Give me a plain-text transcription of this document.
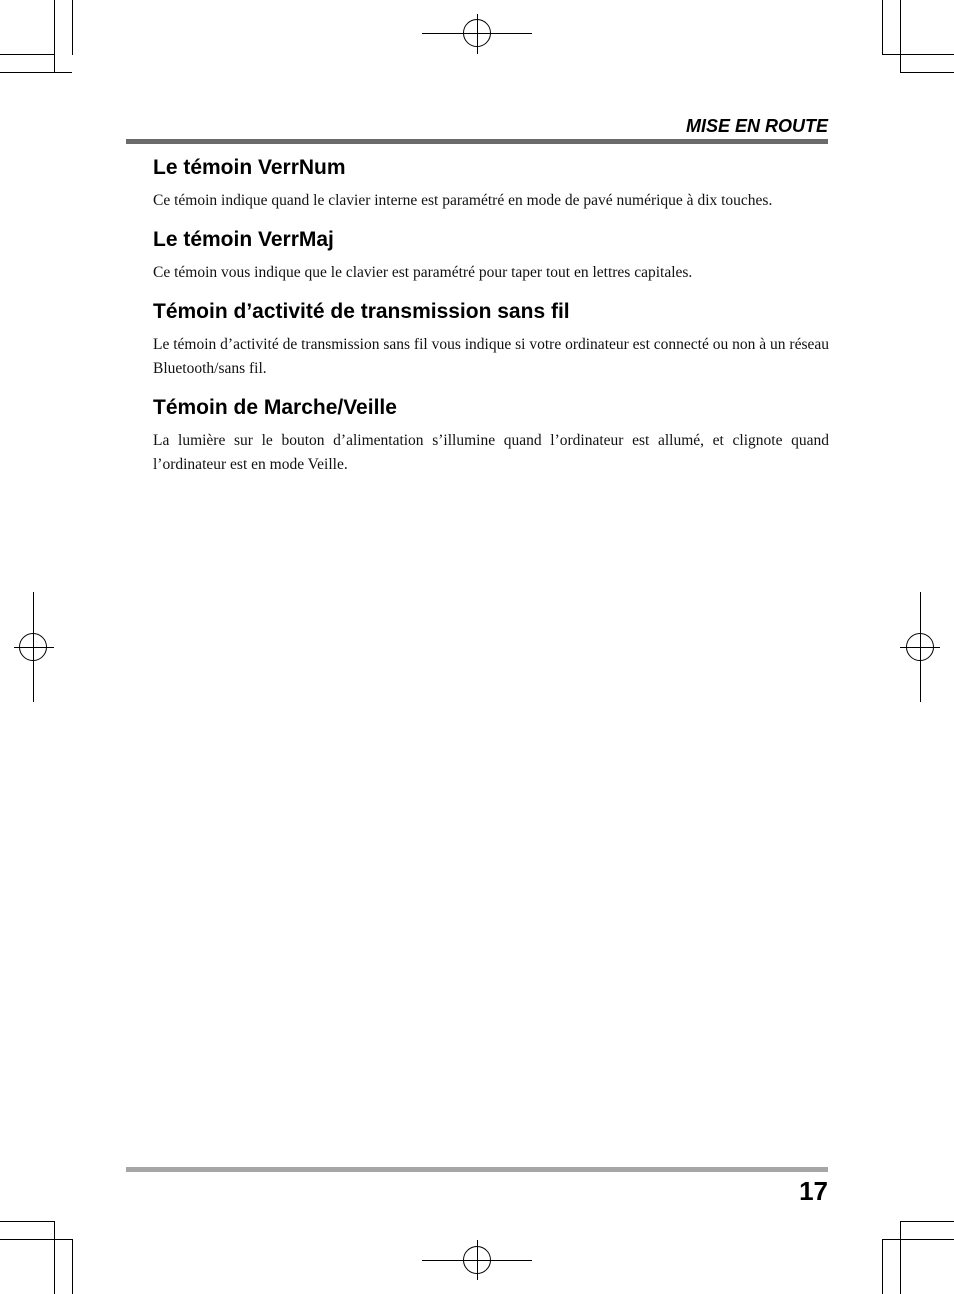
MISE EN ROUTE
Le témoin VerrNum

Ce témoin indique quand le clavier interne est paramétré en mode de pavé numérique à dix touches.

Le témoin VerrMaj

Ce témoin vous indique que le clavier est paramétré pour taper tout en lettres capitales.

Témoin d’activité de transmission sans fil

Le témoin d’activité de transmission sans fil vous indique si votre ordinateur est connecté ou non à un réseau Bluetooth/sans fil.

Témoin de Marche/Veille

La lumière sur le bouton d’alimentation s’illumine quand l’ordinateur est allumé, et clignote quand l’ordinateur est en mode Veille.

17
